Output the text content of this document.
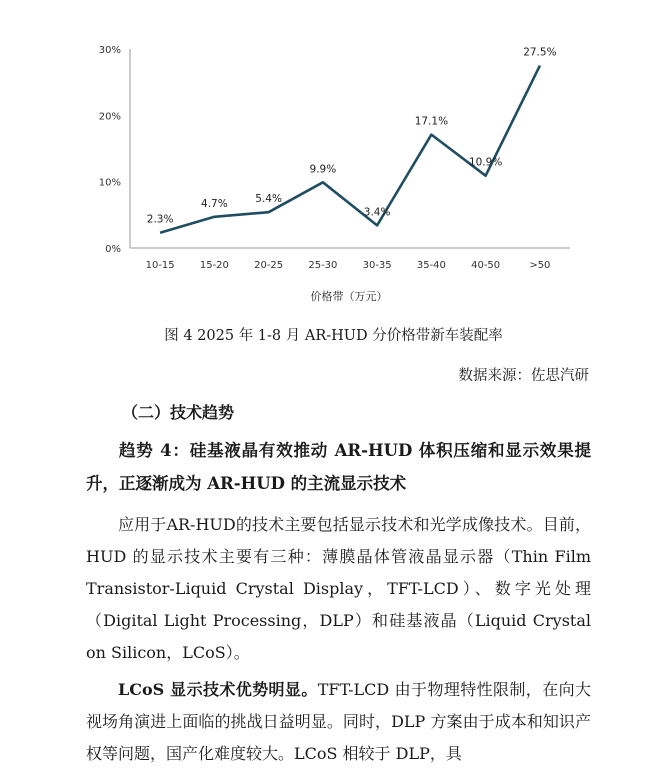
0%
10%
20%
30%
10-15	15-20	20-25	25-30	30-35	35-40	40-50	>50
2.3%
4.7%	5.4%
9.9%
3.4%
17.1%
10.9%
27.5%
价格带（万元）
图 4 2025 年 1-8 月 AR-HUD 分价格带新车装配率
数据来源：佐思汽研
（二）技术趋势
趋势 4：硅基液晶有效推动 AR-HUD 体积压缩和显示效果提升，正逐渐成为 AR-HUD 的主流显示技术
应用于AR-HUD的技术主要包括显示技术和光学成像技术。目前，HUD 的显示技术主要有三种：薄膜晶体管液晶显示器（Thin Film Transistor-Liquid Crystal Display，TFT-LCD）、数字光处理（Digital Light Processing，DLP）和硅基液晶（Liquid Crystal on Silicon，LCoS）。
LCoS 显示技术优势明显。TFT-LCD 由于物理特性限制，在向大视场角演进上面临的挑战日益明显。同时，DLP 方案由于成本和知识产权等问题，国产化难度较大。LCoS 相较于 DLP，具
